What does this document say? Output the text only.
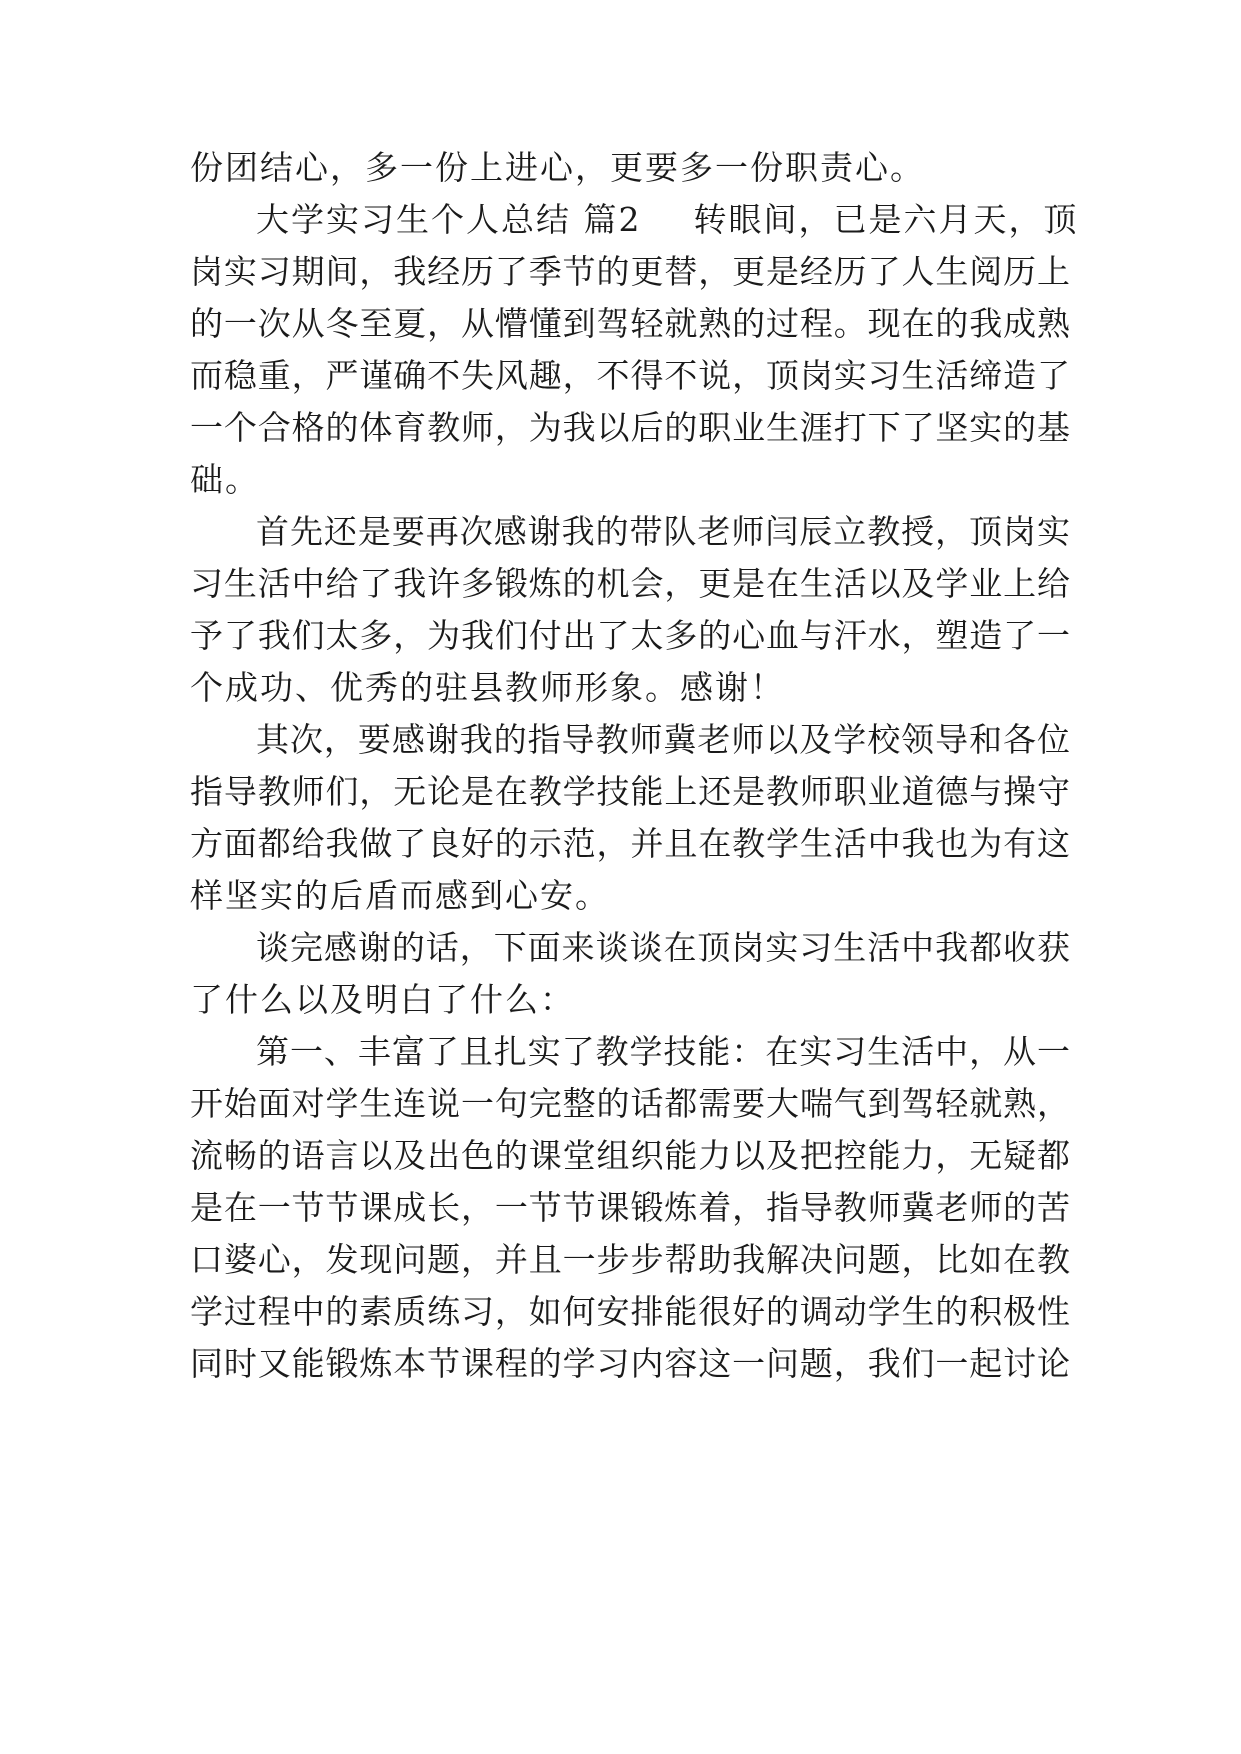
份团结心，多一份上进心，更要多一份职责心。

大学实习生个人总结 篇2 转眼间，已是六月天，顶

岗实习期间，我经历了季节的更替，更是经历了人生阅历上

的一次从冬至夏，从懵懂到驾轻就熟的过程。现在的我成熟

而稳重，严谨确不失风趣，不得不说，顶岗实习生活缔造了

一个合格的体育教师，为我以后的职业生涯打下了坚实的基

础。

首先还是要再次感谢我的带队老师闫辰立教授，顶岗实

习生活中给了我许多锻炼的机会，更是在生活以及学业上给

予了我们太多，为我们付出了太多的心血与汗水，塑造了一

个成功、优秀的驻县教师形象。感谢！

其次，要感谢我的指导教师冀老师以及学校领导和各位

指导教师们，无论是在教学技能上还是教师职业道德与操守

方面都给我做了良好的示范，并且在教学生活中我也为有这

样坚实的后盾而感到心安。

谈完感谢的话，下面来谈谈在顶岗实习生活中我都收获

了什么以及明白了什么：

第一、丰富了且扎实了教学技能：在实习生活中，从一

开始面对学生连说一句完整的话都需要大喘气到驾轻就熟，

流畅的语言以及出色的课堂组织能力以及把控能力，无疑都

是在一节节课成长，一节节课锻炼着，指导教师冀老师的苦

口婆心，发现问题，并且一步步帮助我解决问题，比如在教

学过程中的素质练习，如何安排能很好的调动学生的积极性

同时又能锻炼本节课程的学习内容这一问题，我们一起讨论
